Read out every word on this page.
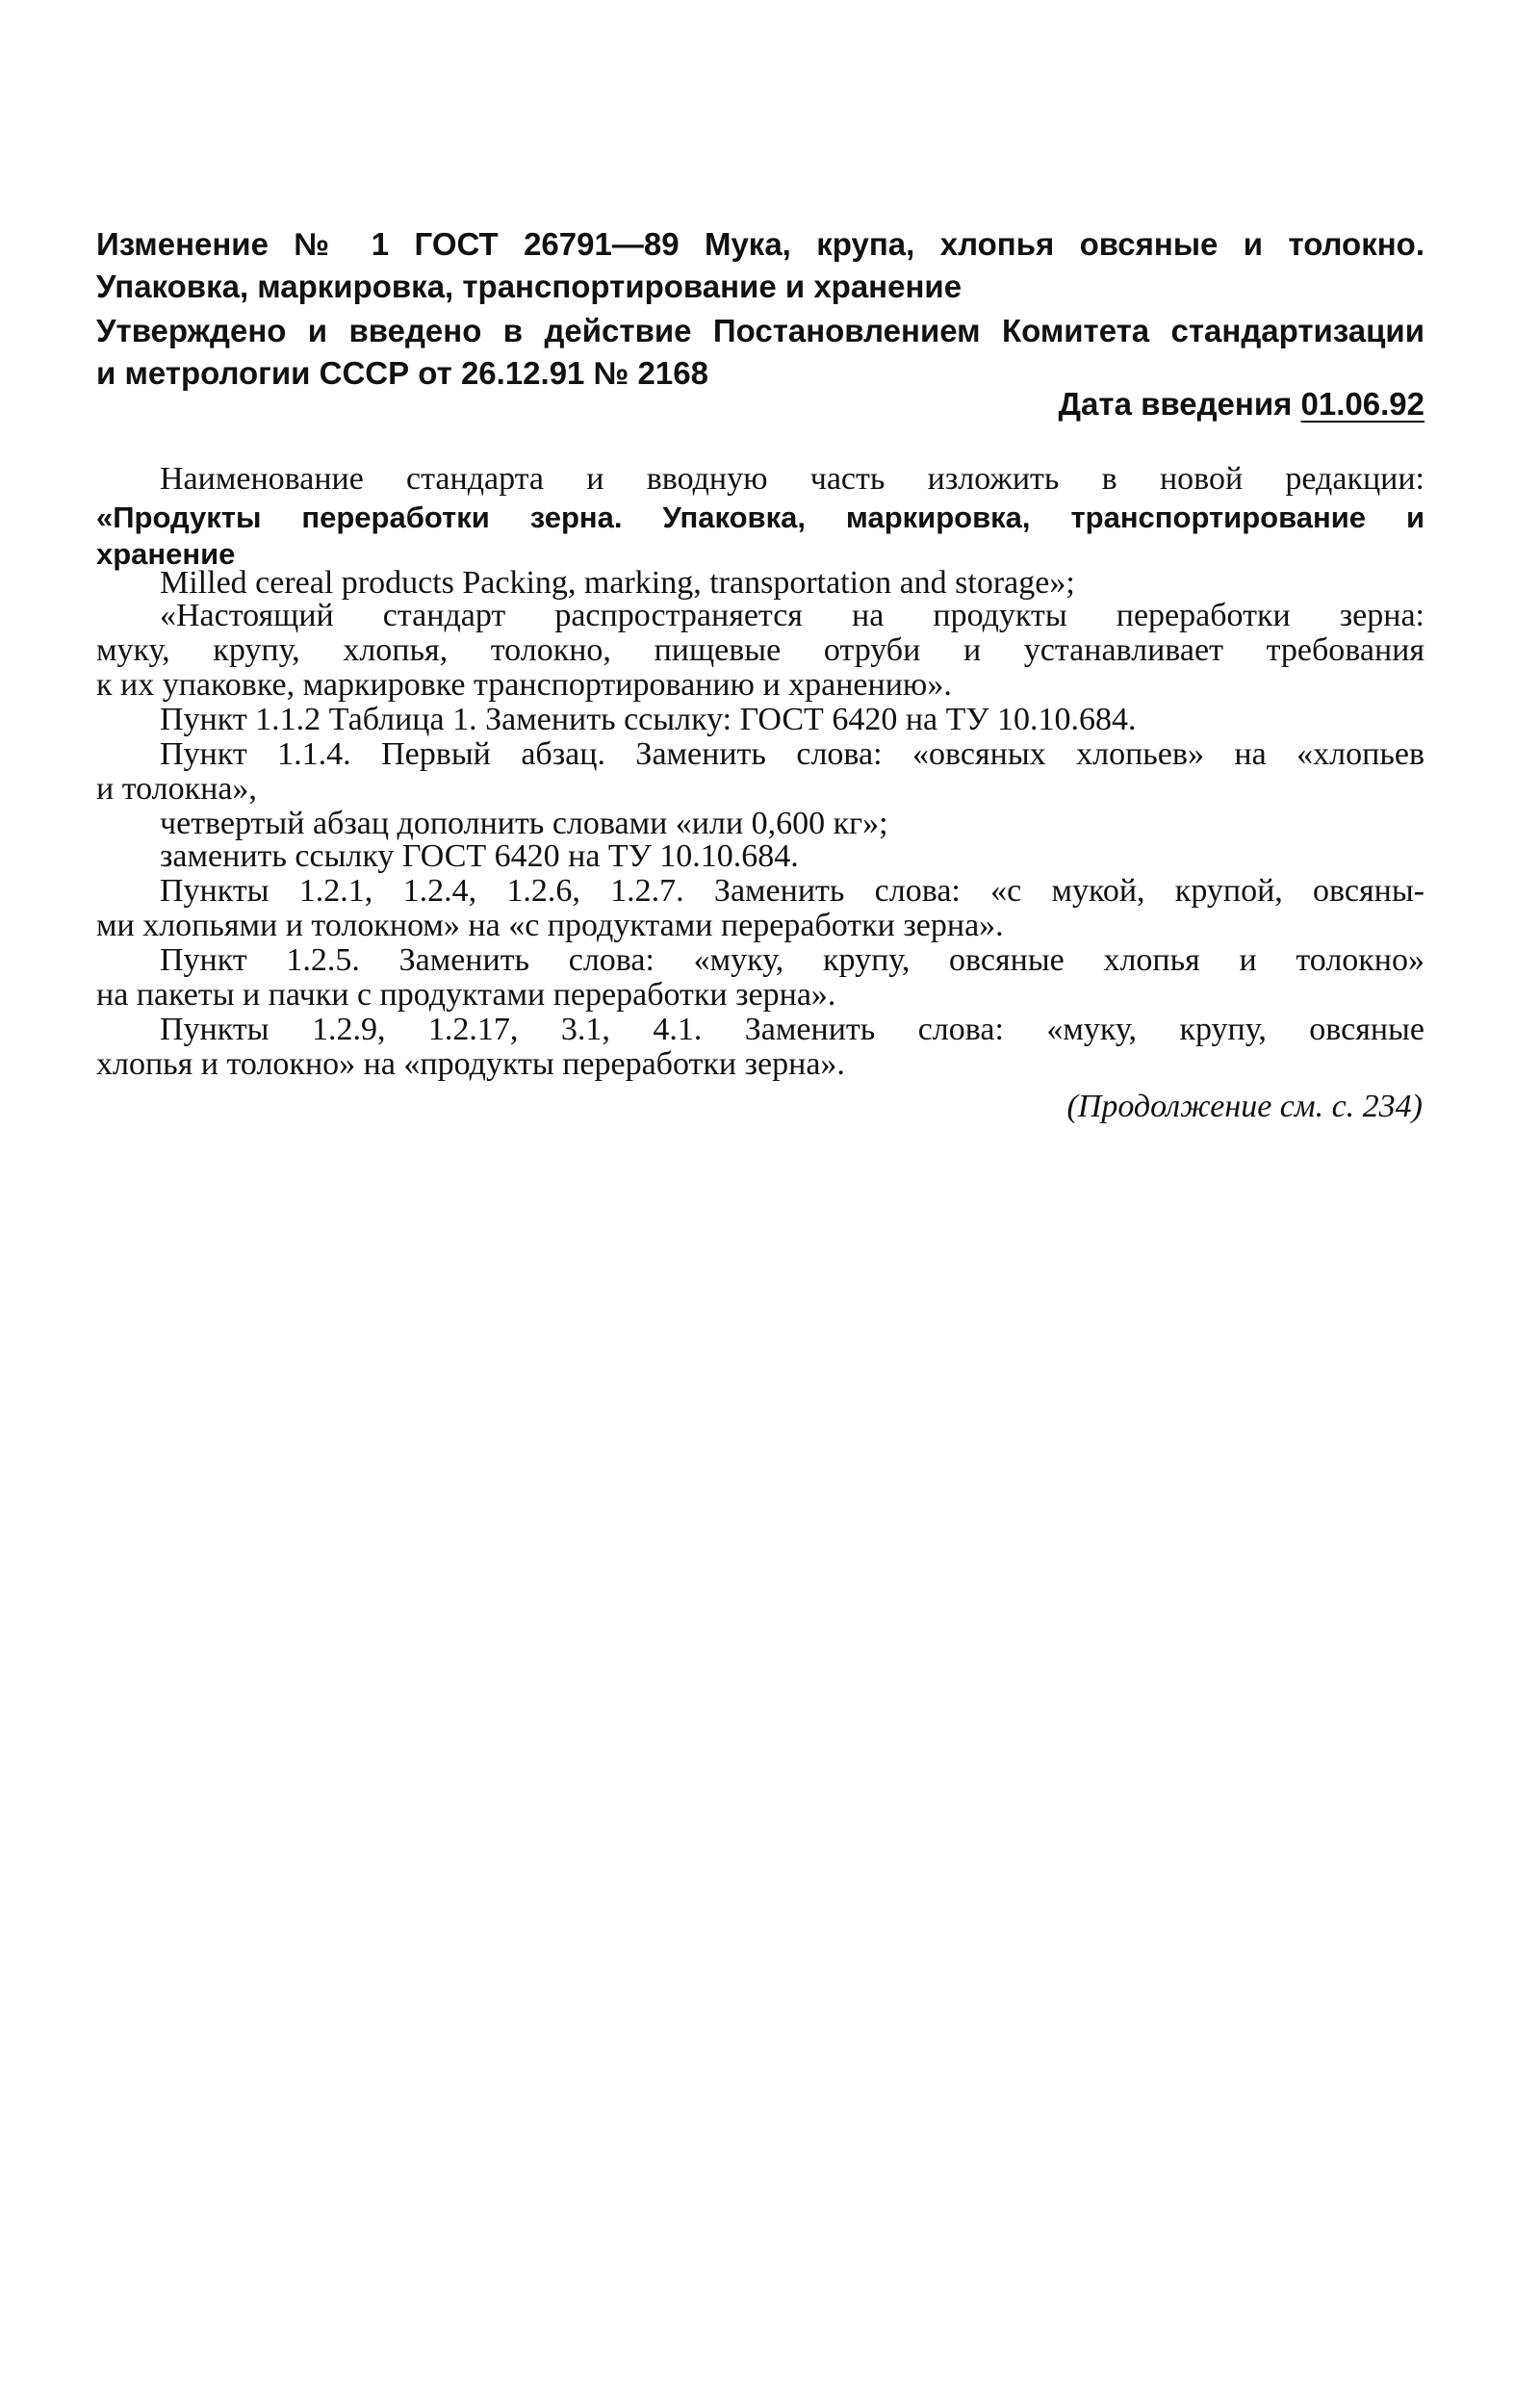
Изменение № 1 ГОСТ 26791—89 Мука, крупа, хлопья овсяные и толокно.
Упаковка, маркировка, транспортирование и хранение
Утверждено и введено в действие Постановлением Комитета стандартизации
и метрологии СССР от 26.12.91 № 2168
Дата введения 01.06.92
Наименование стандарта и вводную часть изложить в новой редакции:
«Продукты переработки зерна. Упаковка, маркировка, транспортирование и
хранение
Milled cereal products Packing, marking, transportation and storage»;
«Настоящий стандарт распространяется на продукты переработки зерна:
муку, крупу, хлопья, толокно, пищевые отруби и устанавливает требования
к их упаковке, маркировке транспортированию и хранению».
Пункт 1.1.2 Таблица 1. Заменить ссылку: ГОСТ 6420 на ТУ 10.10.684.
Пункт 1.1.4. Первый абзац. Заменить слова: «овсяных хлопьев» на «хлопьев
и толокна»,
четвертый абзац дополнить словами «или 0,600 кг»;
заменить ссылку ГОСТ 6420 на ТУ 10.10.684.
Пункты 1.2.1, 1.2.4, 1.2.6, 1.2.7. Заменить слова: «с мукой, крупой, овсяны-
ми хлопьями и толокном» на «с продуктами переработки зерна».
Пункт 1.2.5. Заменить слова: «муку, крупу, овсяные хлопья и толокно»
на пакеты и пачки с продуктами переработки зерна».
Пункты 1.2.9, 1.2.17, 3.1, 4.1. Заменить слова: «муку, крупу, овсяные
хлопья и толокно» на «продукты переработки зерна».
(Продолжение см. с. 234)
